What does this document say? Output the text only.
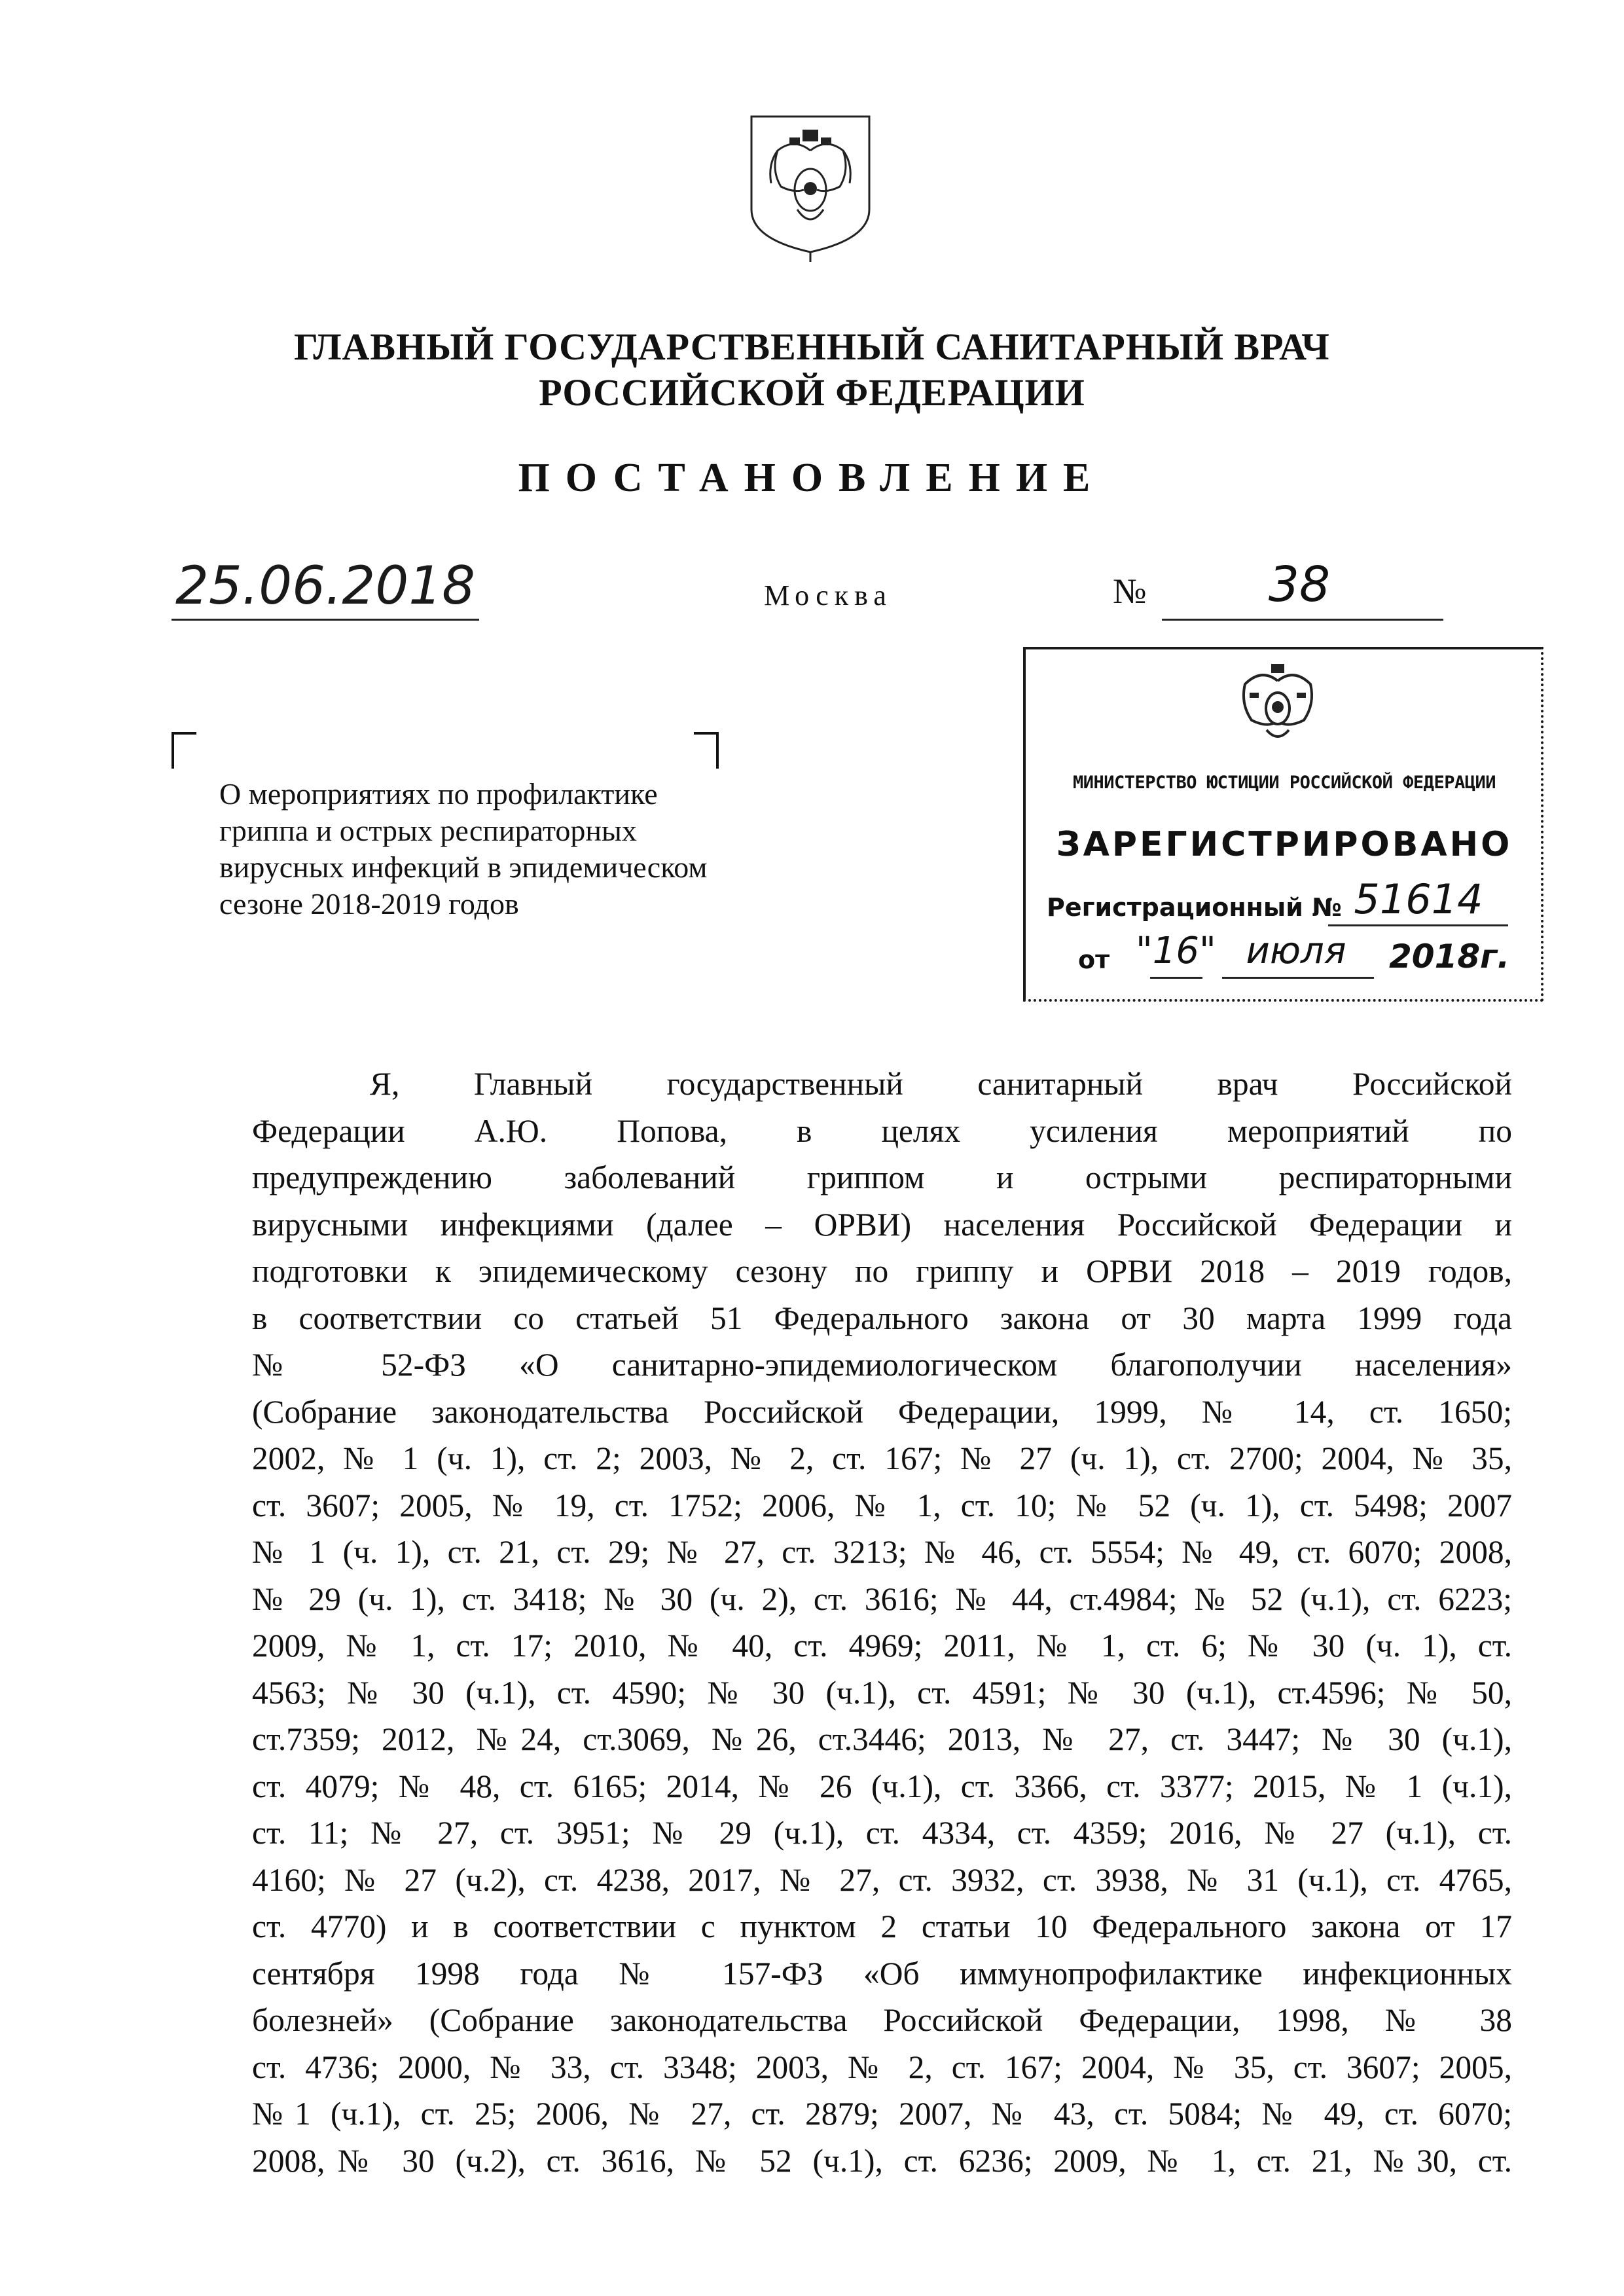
ГЛАВНЫЙ ГОСУДАРСТВЕННЫЙ САНИТАРНЫЙ ВРАЧ
РОССИЙСКОЙ ФЕДЕРАЦИИ
ПОСТАНОВЛЕНИЕ
25.06.2018	Москва	№	38
О мероприятиях по профилактике
гриппа и острых респираторных
вирусных инфекций в эпидемическом
сезоне 2018-2019 годов
МИНИСТЕРСТВО ЮСТИЦИИ РОССИЙСКОЙ ФЕДЕРАЦИИ
ЗАРЕГИСТРИРОВАНО
Регистрационный № 51614
от "16" июля	2018г.
Я, Главный государственный санитарный врач Российской
Федерации А.Ю. Попова, в целях усиления мероприятий по
предупреждению заболеваний гриппом и острыми респираторными
вирусными инфекциями (далее – ОРВИ) населения Российской Федерации и
подготовки к эпидемическому сезону по гриппу и ОРВИ 2018 – 2019 годов,
в соответствии со статьей 51 Федерального закона от 30 марта 1999 года
№ 52-ФЗ «О санитарно-эпидемиологическом благополучии населения»
(Собрание законодательства Российской Федерации, 1999, № 14, ст. 1650;
2002, № 1 (ч. 1), ст. 2; 2003, № 2, ст. 167; № 27 (ч. 1), ст. 2700; 2004, № 35,
ст. 3607; 2005, № 19, ст. 1752; 2006, № 1, ст. 10; № 52 (ч. 1), ст. 5498; 2007
№ 1 (ч. 1), ст. 21, ст. 29; № 27, ст. 3213; № 46, ст. 5554; № 49, ст. 6070; 2008,
№ 29 (ч. 1), ст. 3418; № 30 (ч. 2), ст. 3616; № 44, ст.4984; № 52 (ч.1), ст. 6223;
2009, № 1, ст. 17; 2010, № 40, ст. 4969; 2011, № 1, ст. 6; № 30 (ч. 1), ст.
4563; № 30 (ч.1), ст. 4590; № 30 (ч.1), ст. 4591; № 30 (ч.1), ст.4596; № 50,
ст.7359; 2012, №24, ст.3069, №26, ст.3446; 2013, № 27, ст. 3447; № 30 (ч.1),
ст. 4079; № 48, ст. 6165; 2014, № 26 (ч.1), ст. 3366, ст. 3377; 2015, № 1 (ч.1),
ст. 11; № 27, ст. 3951; № 29 (ч.1), ст. 4334, ст. 4359; 2016, № 27 (ч.1), ст.
4160; № 27 (ч.2), ст. 4238, 2017, № 27, ст. 3932, ст. 3938, № 31 (ч.1), ст. 4765,
ст. 4770) и в соответствии с пунктом 2 статьи 10 Федерального закона от 17
сентября 1998 года № 157-ФЗ «Об иммунопрофилактике инфекционных
болезней» (Собрание законодательства Российской Федерации, 1998, № 38
ст. 4736; 2000, № 33, ст. 3348; 2003, № 2, ст. 167; 2004, № 35, ст. 3607; 2005,
№1 (ч.1), ст. 25; 2006, № 27, ст. 2879; 2007, № 43, ст. 5084; № 49, ст. 6070;
2008,№ 30 (ч.2), ст. 3616, № 52 (ч.1), ст. 6236; 2009, № 1, ст. 21, №30, ст.
